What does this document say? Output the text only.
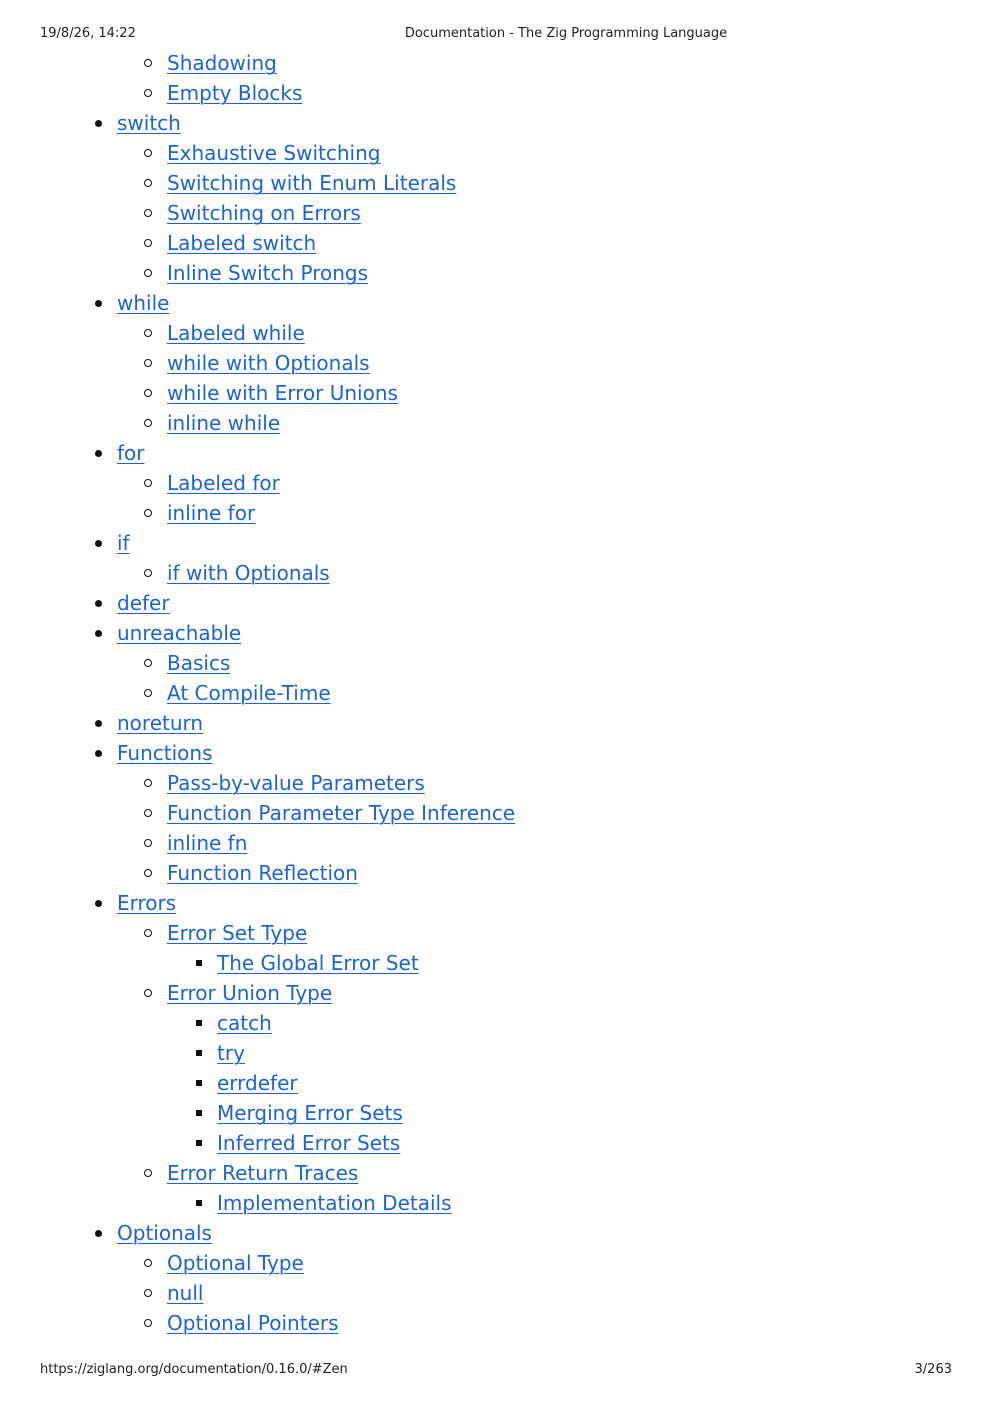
19/8/26, 14:22	Documentation - The Zig Programming Language
Shadowing
Empty Blocks
switch
Exhaustive Switching
Switching with Enum Literals
Switching on Errors
Labeled switch
Inline Switch Prongs
while
Labeled while
while with Optionals
while with Error Unions
inline while
for
Labeled for
inline for
if
if with Optionals
defer
unreachable
Basics
At Compile-Time
noreturn
Functions
Pass-by-value Parameters
Function Parameter Type Inference
inline fn
Function Reflection
Errors
Error Set Type
The Global Error Set
Error Union Type
catch
try
errdefer
Merging Error Sets
Inferred Error Sets
Error Return Traces
Implementation Details
Optionals
Optional Type
null
Optional Pointers
https://ziglang.org/documentation/0.16.0/#Zen	3/263
